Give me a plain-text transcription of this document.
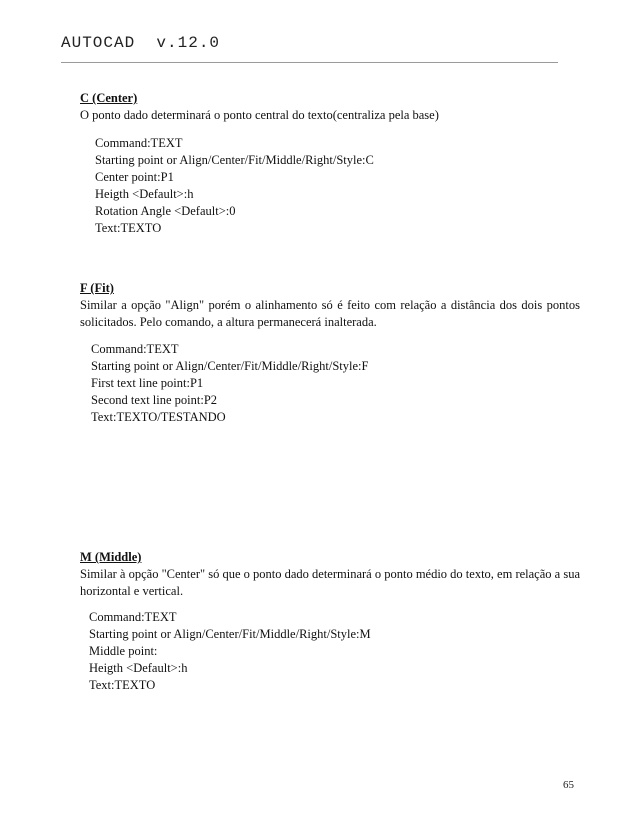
AUTOCAD  v.12.0

C (Center)

O ponto dado determinará o ponto central do texto(centraliza pela base)

Command:TEXT
Starting point or Align/Center/Fit/Middle/Right/Style:C
Center point:P1
Heigth <Default>:h
Rotation Angle <Default>:0
Text:TEXTO

F (Fit)

Similar a opção "Align" porém o alinhamento só é feito com relação a distância dos dois pontos solicitados. Pelo comando, a altura permanecerá inalterada.

Command:TEXT
Starting point or Align/Center/Fit/Middle/Right/Style:F
First text line point:P1
Second text line point:P2
Text:TEXTO/TESTANDO

M (Middle)

Similar à opção "Center" só que o ponto dado determinará o ponto médio do texto, em relação a sua horizontal e vertical.

Command:TEXT
Starting point or Align/Center/Fit/Middle/Right/Style:M
Middle point:
Heigth <Default>:h
Text:TEXTO
65
